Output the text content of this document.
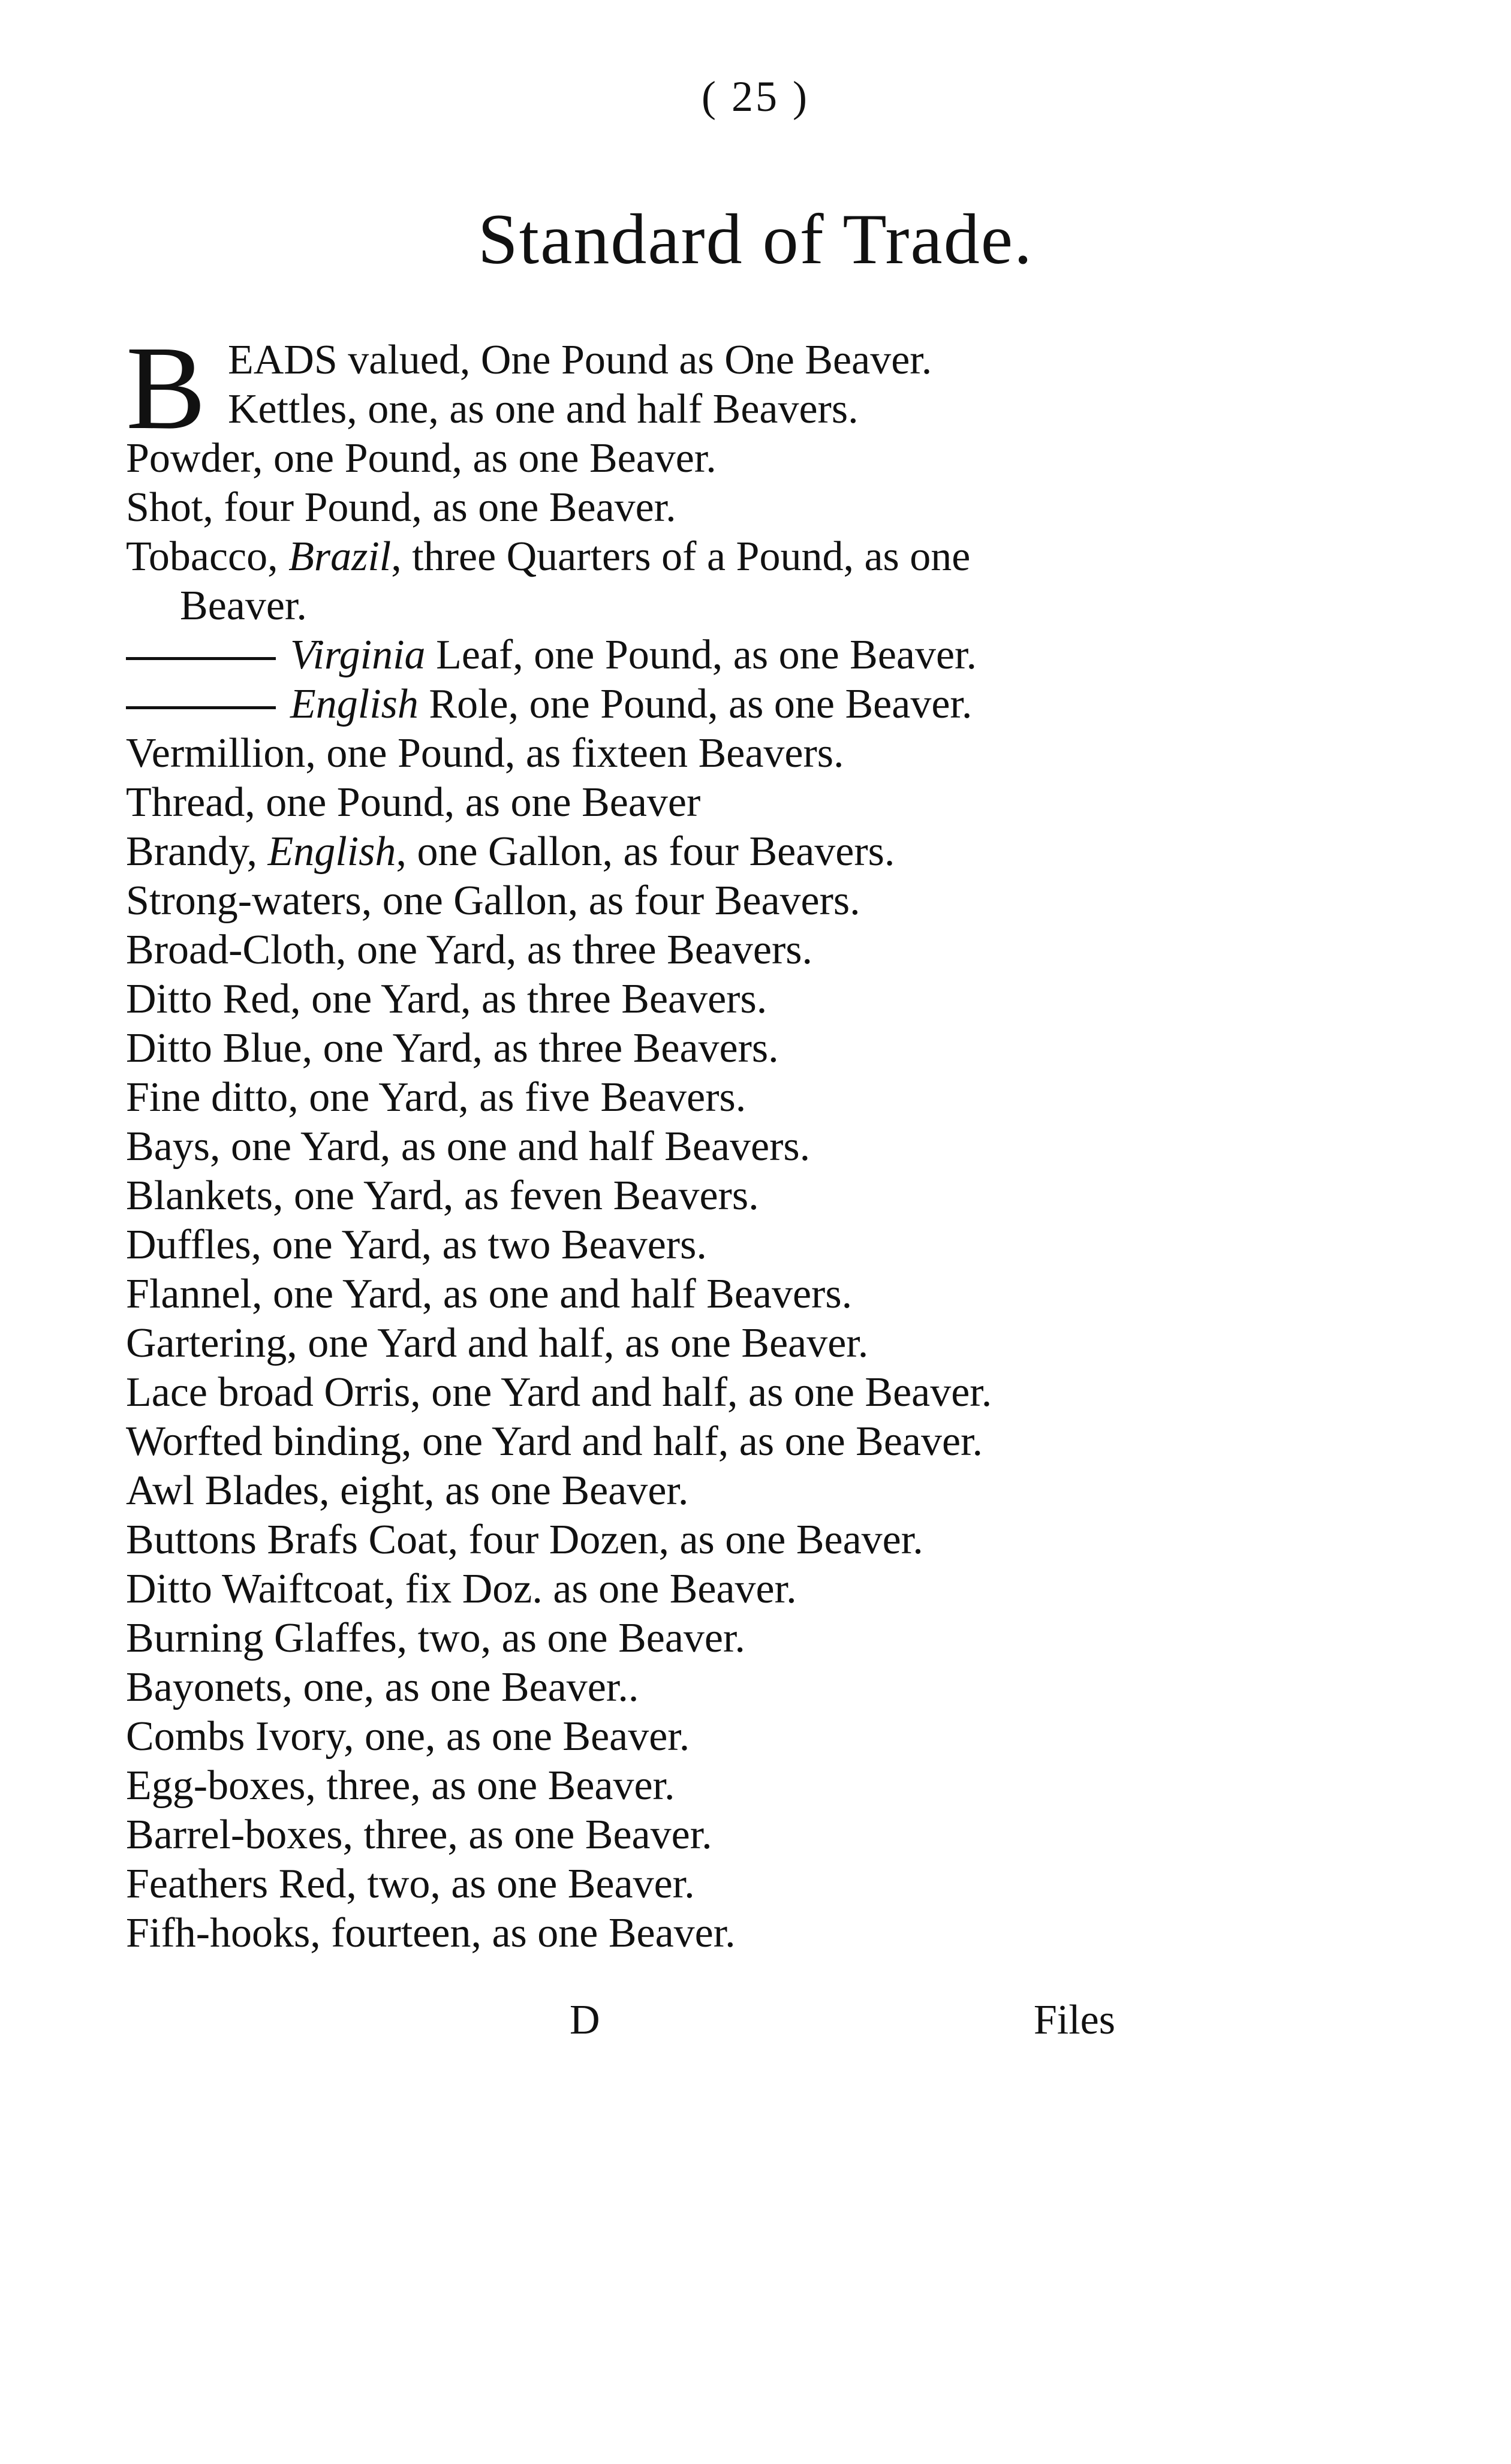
( 25 )
Standard of Trade.
B EADS valued, One Pound as One Beaver.
Kettles, one, as one and half Beavers.
Powder, one Pound, as one Beaver.
Shot, four Pound, as one Beaver.
Tobacco, Brazil, three Quarters of a Pound, as one
Beaver.
Virginia Leaf, one Pound, as one Beaver.
English Role, one Pound, as one Beaver.
Vermillion, one Pound, as fixteen Beavers.
Thread, one Pound, as one Beaver
Brandy, English, one Gallon, as four Beavers.
Strong-waters, one Gallon, as four Beavers.
Broad-Cloth, one Yard, as three Beavers.
Ditto Red, one Yard, as three Beavers.
Ditto Blue, one Yard, as three Beavers.
Fine ditto, one Yard, as five Beavers.
Bays, one Yard, as one and half Beavers.
Blankets, one Yard, as feven Beavers.
Duffles, one Yard, as two Beavers.
Flannel, one Yard, as one and half Beavers.
Gartering, one Yard and half, as one Beaver.
Lace broad Orris, one Yard and half, as one Beaver.
Worfted binding, one Yard and half, as one Beaver.
Awl Blades, eight, as one Beaver.
Buttons Brafs Coat, four Dozen, as one Beaver.
Ditto Waiftcoat, fix Doz. as one Beaver.
Burning Glaffes, two, as one Beaver.
Bayonets, one, as one Beaver..
Combs Ivory, one, as one Beaver.
Egg-boxes, three, as one Beaver.
Barrel-boxes, three, as one Beaver.
Feathers Red, two, as one Beaver.
Fifh-hooks, fourteen, as one Beaver.
D	Files
